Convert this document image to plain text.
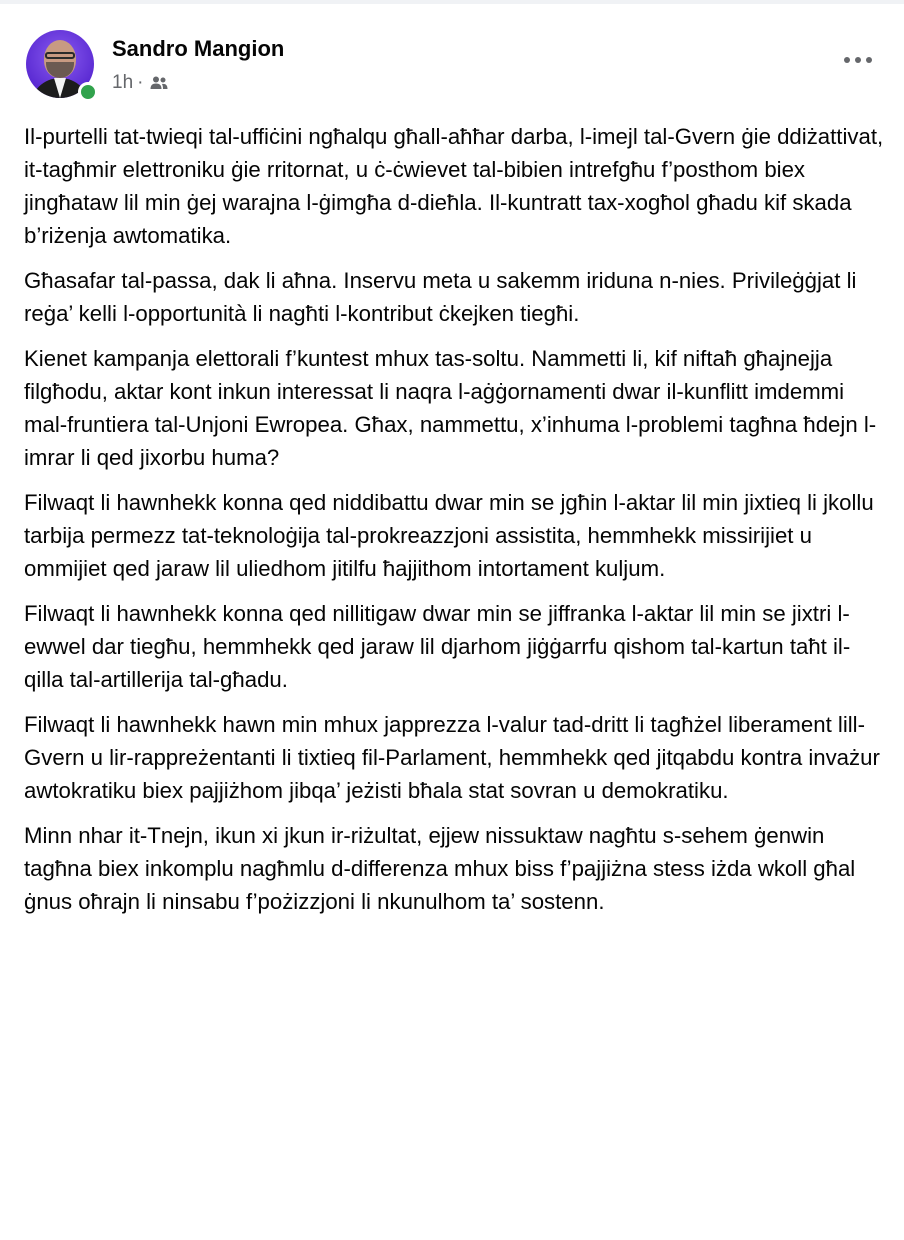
Sandro Mangion
1h ·

Il-purtelli tat-twieqi tal-uffiċini ngħalqu għall-aħħar darba, l-imejl tal-Gvern ġie ddiżattivat, it-tagħmir elettroniku ġie rritornat, u ċ-ċwievet tal-bibien intrefgħu f’posthom biex jingħataw lil min ġej warajna l-ġimgħa d-dieħla. Il-kuntratt tax-xogħol għadu kif skada b’riżenja awtomatika.

Għasafar tal-passa, dak li aħna. Inservu meta u sakemm iriduna n-nies. Privileġġjat li reġa’ kelli l-opportunità li nagħti l-kontribut ċkejken tiegħi.

Kienet kampanja elettorali f’kuntest mhux tas-soltu. Nammetti li, kif niftaħ għajnejja filgħodu, aktar kont inkun interessat li naqra l-aġġornamenti dwar il-kunflitt imdemmi mal-fruntiera tal-Unjoni Ewropea. Għax, nammettu, x’inhuma l-problemi tagħna ħdejn l-imrar li qed jixorbu huma?

Filwaqt li hawnhekk konna qed niddibattu dwar min se jgħin l-aktar lil min jixtieq li jkollu tarbija permezz tat-teknoloġija tal-prokreazzjoni assistita, hemmhekk missirijiet u ommijiet qed jaraw lil uliedhom jitilfu ħajjithom intortament kuljum.

Filwaqt li hawnhekk konna qed nillitigaw dwar min se jiffranka l-aktar lil min se jixtri l-ewwel dar tiegħu, hemmhekk qed jaraw lil djarhom jiġġarrfu qishom tal-kartun taħt il-qilla tal-artillerija tal-għadu.

Filwaqt li hawnhekk hawn min mhux japprezza l-valur tad-dritt li tagħżel liberament lill-Gvern u lir-rappreżentanti li tixtieq fil-Parlament, hemmhekk qed jitqabdu kontra invażur awtokratiku biex pajjiżhom jibqa’ jeżisti bħala stat sovran u demokratiku.

Minn nhar it-Tnejn, ikun xi jkun ir-riżultat, ejjew nissuktaw nagħtu s-sehem ġenwin tagħna biex inkomplu nagħmlu d-differenza mhux biss f’pajjiżna stess iżda wkoll għal ġnus oħrajn li ninsabu f’pożizzjoni li nkunulhom ta’ sostenn.
